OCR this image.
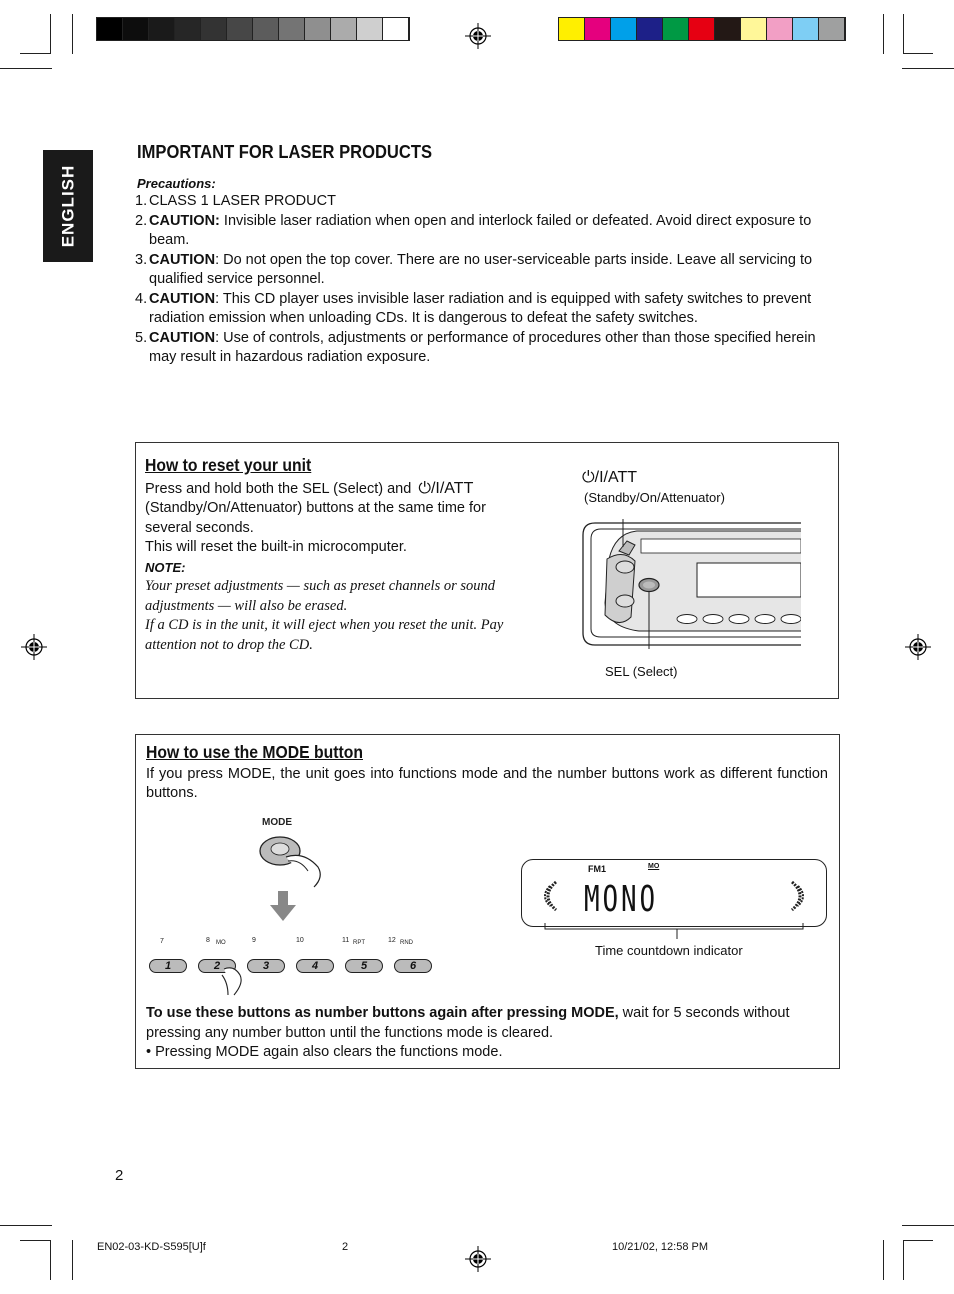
ENGLISH
IMPORTANT FOR LASER PRODUCTS
Precautions:
1. CLASS 1 LASER PRODUCT
2. CAUTION: Invisible laser radiation when open and interlock failed or defeated. Avoid direct exposure to beam.
3. CAUTION: Do not open the top cover. There are no user-serviceable parts inside. Leave all servicing to qualified service personnel.
4. CAUTION: This CD player uses invisible laser radiation and is equipped with safety switches to prevent radiation emission when unloading CDs. It is dangerous to defeat the safety switches.
5. CAUTION: Use of controls, adjustments or performance of procedures other than those specified herein may result in hazardous radiation exposure.
How to reset your unit
Press and hold both the SEL (Select) and ⏻/I/ATT (Standby/On/Attenuator) buttons at the same time for several seconds.
This will reset the built-in microcomputer.
NOTE:
Your preset adjustments — such as preset channels or sound adjustments — will also be erased.
If a CD is in the unit, it will eject when you reset the unit. Pay attention not to drop the CD.
⏻/I/ATT
(Standby/On/Attenuator)
SEL (Select)
How to use the MODE button
If you press MODE, the unit goes into functions mode and the number buttons work as different function buttons.
MODE
7	8 MO	9	10	11 RPT	12 RND
1	2	3	4	5	6
FM1	MO
MONO
Time countdown indicator
To use these buttons as number buttons again after pressing MODE, wait for 5 seconds without pressing any number button until the functions mode is cleared.
• Pressing MODE again also clears the functions mode.
2
EN02-03-KD-S595[U]f	2	10/21/02, 12:58 PM
